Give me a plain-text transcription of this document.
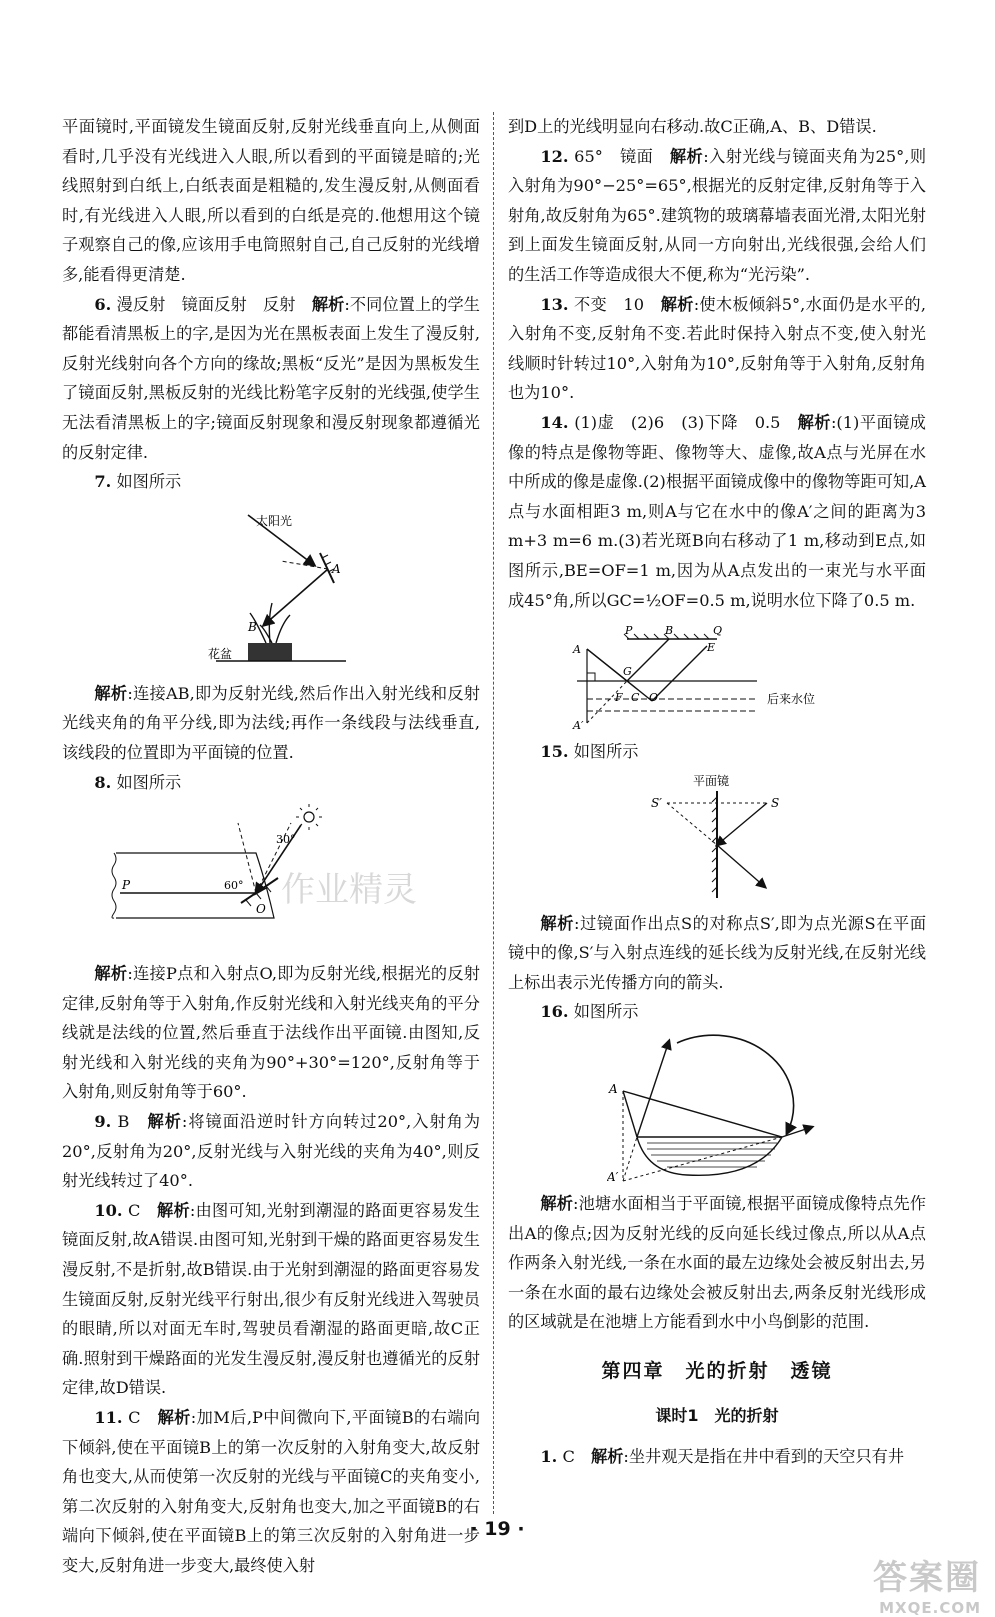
平面镜时,平面镜发生镜面反射,反射光线垂直向上,从侧面看时,几乎没有光线进入人眼,所以看到的平面镜是暗的;光线照射到白纸上,白纸表面是粗糙的,发生漫反射,从侧面看时,有光线进入人眼,所以看到的白纸是亮的.他想用这个镜子观察自己的像,应该用手电筒照射自己,自己反射的光线增多,能看得更清楚.

6. 漫反射　镜面反射　反射　 解析:不同位置上的学生都能看清黑板上的字,是因为光在黑板表面上发生了漫反射,反射光线射向各个方向的缘故;黑板“反光”是因为黑板发生了镜面反射,黑板反射的光线比粉笔字反射的光线强,使学生无法看清黑板上的字;镜面反射现象和漫反射现象都遵循光的反射定律.

7. 如图所示

太阳光
A
B
花盆

解析:连接AB,即为反射光线,然后作出入射光线和反射光线夹角的角平分线,即为法线;再作一条线段与法线垂直,该线段的位置即为平面镜的位置.

8. 如图所示

30°
60°
P
O 作业精灵

解析:连接P点和入射点O,即为反射光线,根据光的反射定律,反射角等于入射角,作反射光线和入射光线夹角的平分线就是法线的位置,然后垂直于法线作出平面镜.由图知,反射光线和入射光线的夹角为90°+30°=120°,反射角等于入射角,则反射角等于60°.

9. B　 解析:将镜面沿逆时针方向转过20°,入射角为20°,反射角为20°,反射光线与入射光线的夹角为40°,则反射光线转过了40°.

10. C　 解析:由图可知,光射到潮湿的路面更容易发生镜面反射,故A错误.由图可知,光射到干燥的路面更容易发生漫反射,不是折射,故B错误.由于光射到潮湿的路面更容易发生镜面反射,反射光线平行射出,很少有反射光线进入驾驶员的眼睛,所以对面无车时,驾驶员看潮湿的路面更暗,故C正确.照射到干燥路面的光发生漫反射,漫反射也遵循光的反射定律,故D错误.

11. C　 解析:加M后,P中间微向下,平面镜B的右端向下倾斜,使在平面镜B上的第一次反射的入射角变大,故反射角也变大,从而使第一次反射的光线与平面镜C的夹角变小,第二次反射的入射角变大,反射角也变大,加之平面镜B的右端向下倾斜,使在平面镜B上的第三次反射的入射角进一步变大,反射角进一步变大,最终使入射

到D上的光线明显向右移动.故C正确,A、B、D错误.

12. 65°　镜面　 解析:入射光线与镜面夹角为25°,则入射角为90°−25°=65°,根据光的反射定律,反射角等于入射角,故反射角为65°.建筑物的玻璃幕墙表面光滑,太阳光射到上面发生镜面反射,从同一方向射出,光线很强,会给人们的生活工作等造成很大不便,称为“光污染”.

13. 不变　10　 解析:使木板倾斜5°,水面仍是水平的,入射角不变,反射角不变.若此时保持入射点不变,使入射光线顺时针转过10°,入射角为10°,反射角等于入射角,反射角也为10°.

14. (1)虚　(2)6　(3)下降　0.5　 解析:(1)平面镜成像的特点是像物等距、像物等大、虚像,故A点与光屏在水中所成的像是虚像.(2)根据平面镜成像中的像物等距可知,A点与水面相距3 m,则A与它在水中的像A′之间的距离为3 m+3 m=6 m.(3)若光斑B向右移动了1 m,移动到E点,如图所示,BE=OF=1 m,因为从A点发出的一束光与水平面成45°角,所以GC=½OF=0.5 m,说明水位下降了0.5 m.

A
P	B	Q
E
G
F C O
A′
后来水位

15. 如图所示

平面镜
S′	S

解析:过镜面作出点S的对称点S′,即为点光源S在平面镜中的像,S′与入射点连线的延长线为反射光线,在反射光线上标出表示光传播方向的箭头.

16. 如图所示

A
A′

解析:池塘水面相当于平面镜,根据平面镜成像特点先作出A的像点;因为反射光线的反向延长线过像点,所以从A点作两条入射光线,一条在水面的最左边缘处会被反射出去,另一条在水面的最右边缘处会被反射出去,两条反射光线形成的区域就是在池塘上方能看到水中小鸟倒影的范围.

第四章　光的折射　透镜
课时1　光的折射

1. C　 解析:坐井观天是指在井中看到的天空只有井

· 19 ·
答案圈
MXQE.COM
